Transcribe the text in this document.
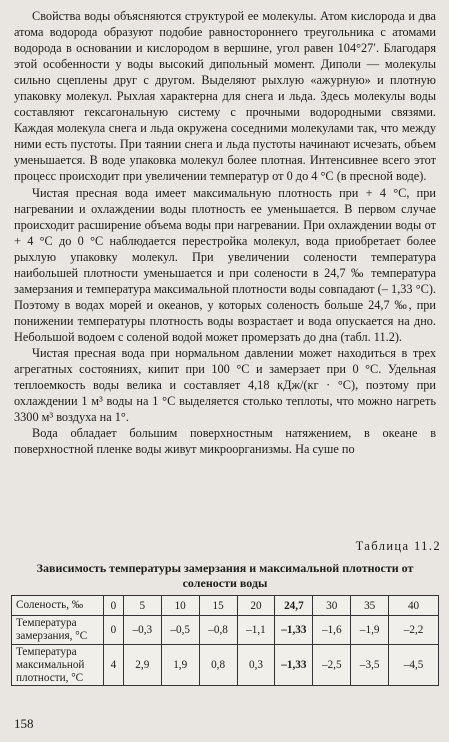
Свойства воды объясняются структурой ее молекулы. Атом кислорода и два атома водорода образуют подобие равностороннего треугольника с атомами водорода в основании и кислородом в вершине, угол равен 104°27′. Благодаря этой особенности у воды высокий дипольный момент. Диполи — молекулы сильно сцеплены друг с другом. Выделяют рыхлую «ажурную» и плотную упаковку молекул. Рыхлая характерна для снега и льда. Здесь молекулы воды составляют гексагональную систему с прочными водородными связями. Каждая молекула снега и льда окружена соседними молекулами так, что между ними есть пустоты. При таянии снега и льда пустоты начинают исчезать, объем уменьшается. В воде упаковка молекул более плотная. Интенсивнее всего этот процесс происходит при увеличении температур от 0 до 4 °С (в пресной воде).

Чистая пресная вода имеет максимальную плотность при + 4 °С, при нагревании и охлаждении воды плотность ее уменьшается. В первом случае происходит расширение объема воды при нагревании. При охлаждении воды от + 4 °С до 0 °С наблюдается перестройка молекул, вода приобретает более рыхлую упаковку молекул. При увеличении солености температура наибольшей плотности уменьшается и при солености в 24,7 ‰ температура замерзания и температура максимальной плотности воды совпадают (– 1,33 °С). Поэтому в водах морей и океанов, у которых соленость больше 24,7 ‰, при понижении температуры плотность воды возрастает и вода опускается на дно. Небольшой водоем с соленой водой может промерзать до дна (табл. 11.2).

Чистая пресная вода при нормальном давлении может находиться в трех агрегатных состояниях, кипит при 100 °С и замерзает при 0 °С. Удельная теплоемкость воды велика и составляет 4,18 кДж/(кг · °С), поэтому при охлаждении 1 м³ воды на 1 °С выделяется столько теплоты, что можно нагреть 3300 м³ воздуха на 1°.

Вода обладает большим поверхностным натяжением, в океане в поверхностной пленке воды живут микроорганизмы. На суше по

Таблица 11.2
Зависимость температуры замерзания и максимальной плотности от солености воды
Соленость, ‰	0	5	10	15	20	24,7	30	35	40
Температура замерзания, °С	0	–0,3	–0,5	–0,8	–1,1	–1,33	–1,6	–1,9	–2,2
Температура максимальной плотности, °С	4	2,9	1,9	0,8	0,3	–1,33	–2,5	–3,5	–4,5
158
